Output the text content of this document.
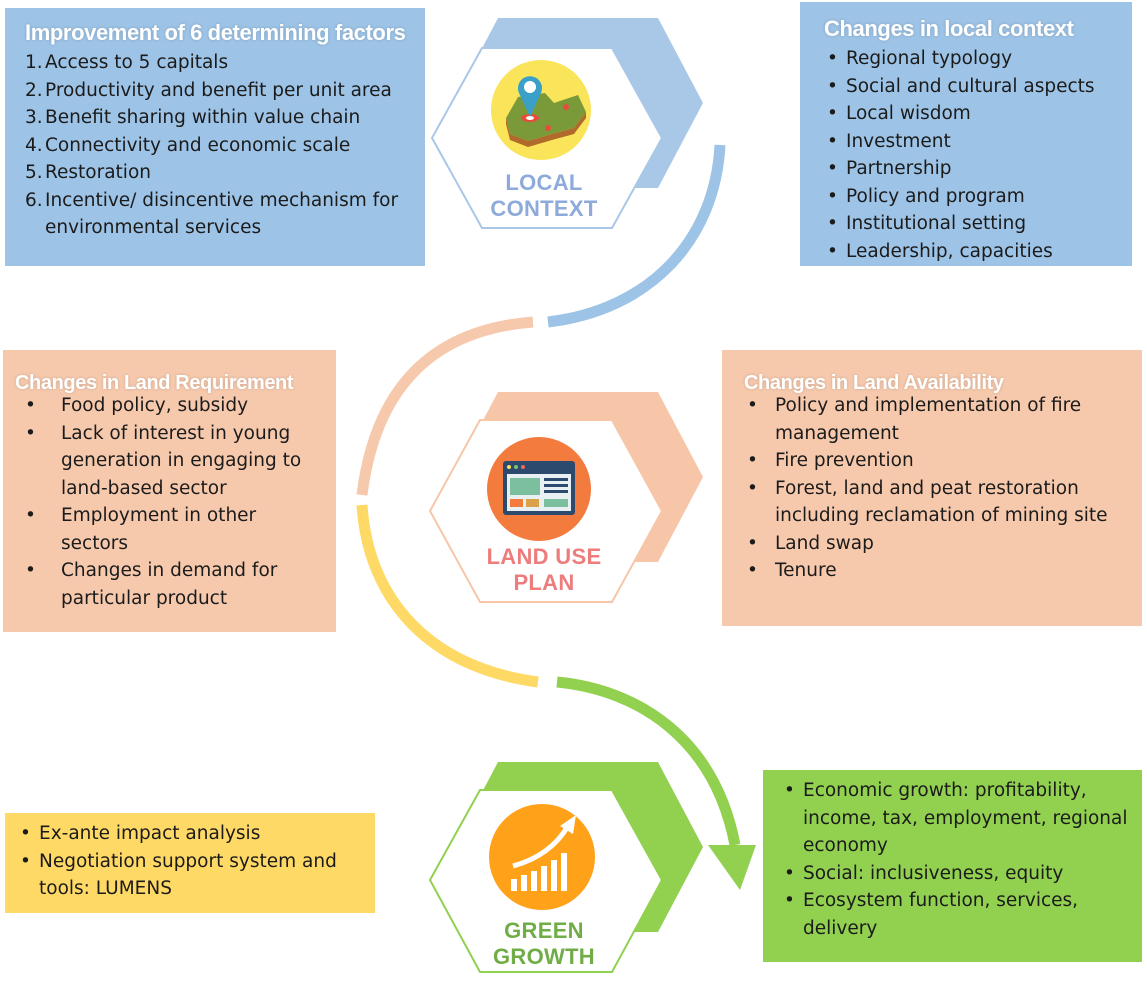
LOCAL
CONTEXT
LAND USE
PLAN
GREEN
GROWTH
Improvement of 6 determining factors
1. Access to 5 capitals
2. Productivity and benefit per unit area
3. Benefit sharing within value chain
4. Connectivity and economic scale
5. Restoration
6. Incentive/ disincentive mechanism for environmental services
Changes in local context
• Regional typology
• Social and cultural aspects
• Local wisdom
• Investment
• Partnership
• Policy and program
• Institutional setting
• Leadership, capacities
Changes in Land Requirement
• Food policy, subsidy
• Lack of interest in young generation in engaging to land-based sector
• Employment in other sectors
• Changes in demand for particular product
Changes in Land Availability
• Policy and implementation of fire management
• Fire prevention
• Forest, land and peat restoration including reclamation of mining site
• Land swap
• Tenure
• Ex-ante impact analysis
• Negotiation support system and tools: LUMENS
• Economic growth: profitability, income, tax, employment, regional economy
• Social: inclusiveness, equity
• Ecosystem function, services, delivery
